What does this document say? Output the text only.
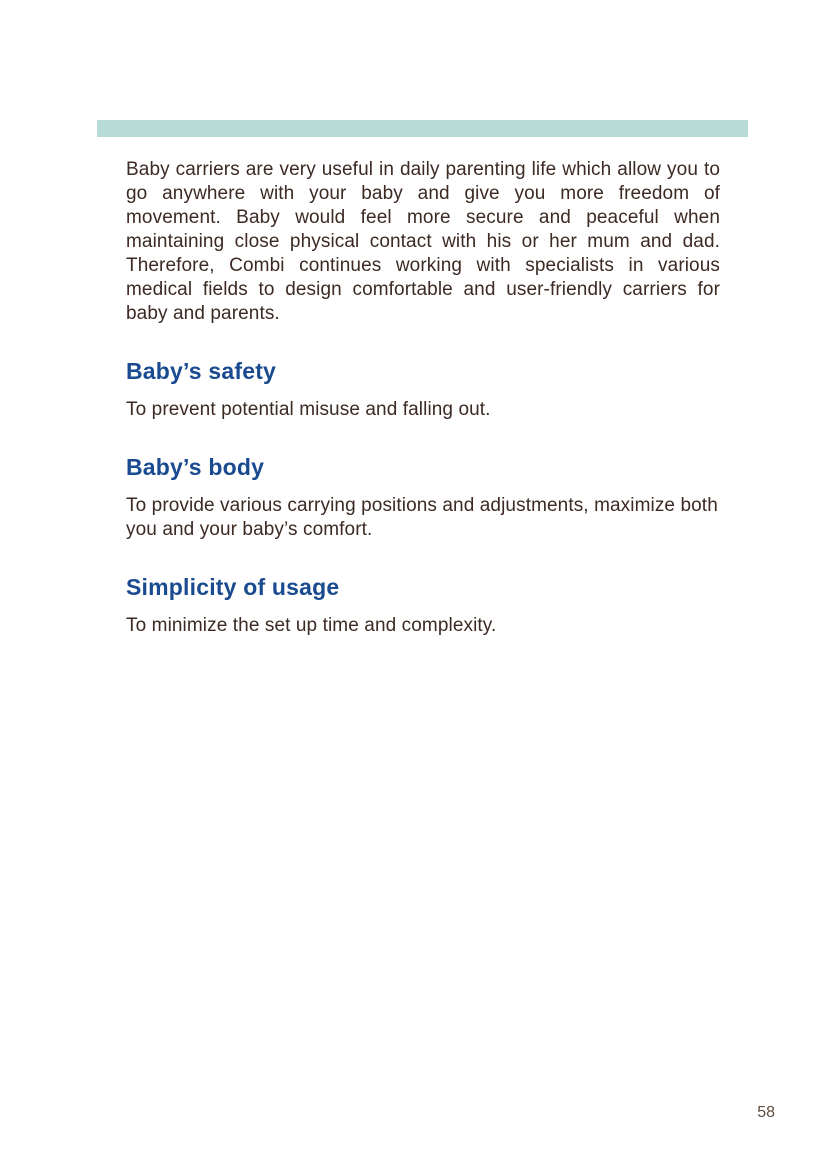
Baby carriers are very useful in daily parenting life which allow you to go anywhere with your baby and give you more freedom of movement. Baby would feel more secure and peaceful when maintaining close physical contact with his or her mum and dad. Therefore, Combi continues working with specialists in various medical fields to design comfortable and user-friendly carriers for baby and parents.

Baby’s safety

To prevent potential misuse and falling out.

Baby’s body

To provide various carrying positions and adjustments, maximize both you and your baby’s comfort.

Simplicity of usage

To minimize the set up time and complexity.

58
